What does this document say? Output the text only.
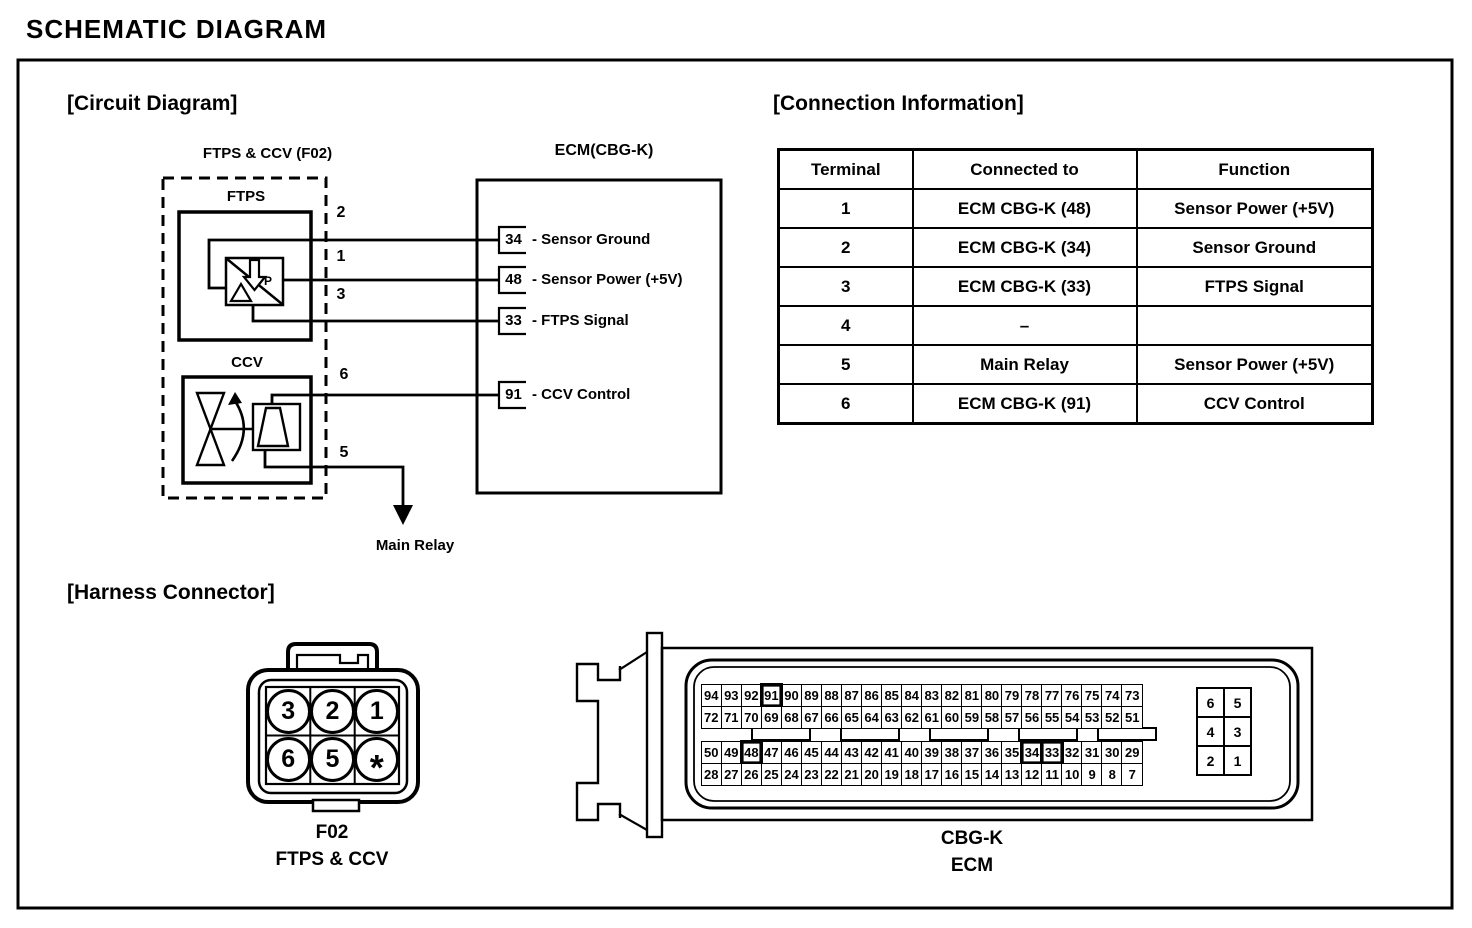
SCHEMATIC DIAGRAM
[Circuit Diagram]	[Connection Information]
[Harness Connector]
FTPS & CCV (F02)
FTPS
CCV
ECM(CBG-K)
P
Main Relay
2
1
3
6
5
34 - Sensor Ground
48 - Sensor Power (+5V)
33 - FTPS Signal
91 - CCV Control
Terminal	Connected to	Function
1	ECM CBG-K (48)	Sensor Power (+5V)
2	ECM CBG-K (34)	Sensor Ground
3	ECM CBG-K (33)	FTPS Signal
4	–	
5	Main Relay	Sensor Power (+5V)
6	ECM CBG-K (91)	CCV Control
3	2	1
6	5 *
F02
FTPS & CCV
94 93 92 91 90 89 88 87 86 85 84 83 82 81 80 79 78 77 76 75 74 73
72 71 70 69 68 67 66 65 64 63 62 61 60 59 58 57 56 55 54 53 52 51
50 49 48 47 46 45 44 43 42 41 40 39 38 37 36 35 34 33 32 31 30 29
28 27 26 25 24 23 22 21 20 19 18 17 16 15 14 13 12 11 10 9 8 7
6	5
4	3
2	1
CBG-K
ECM
